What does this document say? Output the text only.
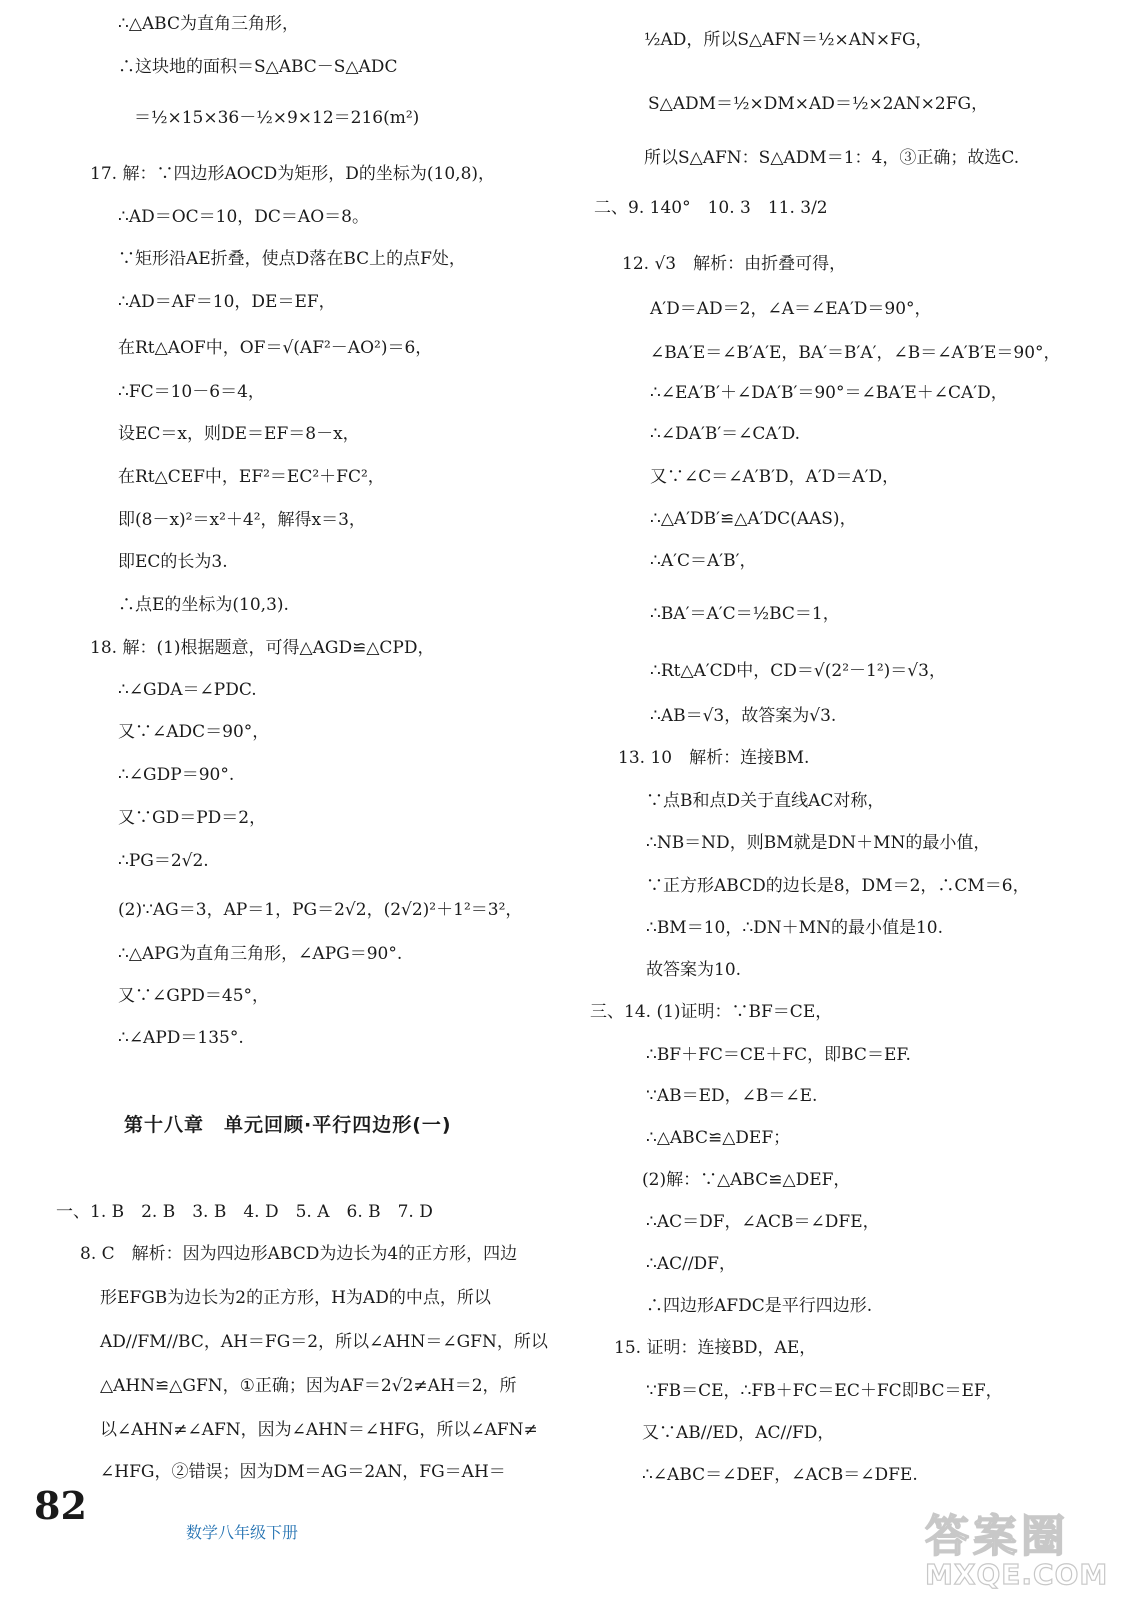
∴△ABC为直角三角形，
∴这块地的面积＝S△ABC－S△ADC
＝½×15×36－½×9×12＝216(m²)
17. 解：∵四边形AOCD为矩形，D的坐标为(10,8)，
∴AD＝OC＝10，DC＝AO＝8。
∵矩形沿AE折叠，使点D落在BC上的点F处，
∴AD＝AF＝10，DE＝EF，
在Rt△AOF中，OF＝√(AF²－AO²)＝6，
∴FC＝10－6＝4，
设EC＝x，则DE＝EF＝8－x，
在Rt△CEF中，EF²＝EC²＋FC²，
即(8－x)²＝x²＋4²，解得x＝3，
即EC的长为3.
∴点E的坐标为(10,3).
18. 解：(1)根据题意，可得△AGD≌△CPD，
∴∠GDA＝∠PDC.
又∵∠ADC＝90°，
∴∠GDP＝90°.
又∵GD＝PD＝2，
∴PG＝2√2.
(2)∵AG＝3，AP＝1，PG＝2√2，(2√2)²＋1²＝3²，
∴△APG为直角三角形，∠APG＝90°.
又∵∠GPD＝45°，
∴∠APD＝135°.
第十八章　单元回顾·平行四边形(一)
一、1. B　2. B　3. B　4. D　5. A　6. B　7. D
8. C　解析：因为四边形ABCD为边长为4的正方形，四边
形EFGB为边长为2的正方形，H为AD的中点，所以
AD//FM//BC，AH＝FG＝2，所以∠AHN＝∠GFN，所以
△AHN≌△GFN，①正确；因为AF＝2√2≠AH＝2，所
以∠AHN≠∠AFN，因为∠AHN＝∠HFG，所以∠AFN≠
∠HFG，②错误；因为DM＝AG＝2AN，FG＝AH＝
½AD，所以S△AFN＝½×AN×FG，
S△ADM＝½×DM×AD＝½×2AN×2FG，
所以S△AFN：S△ADM＝1：4，③正确；故选C.
二、9. 140°　10. 3　11. 3/2
12. √3　解析：由折叠可得，
A′D＝AD＝2，∠A＝∠EA′D＝90°，
∠BA′E＝∠B′A′E，BA′＝B′A′，∠B＝∠A′B′E＝90°，
∴∠EA′B′＋∠DA′B′＝90°＝∠BA′E＋∠CA′D，
∴∠DA′B′＝∠CA′D.
又∵∠C＝∠A′B′D，A′D＝A′D，
∴△A′DB′≌△A′DC(AAS)，
∴A′C＝A′B′，
∴BA′＝A′C＝½BC＝1，
∴Rt△A′CD中，CD＝√(2²－1²)＝√3，
∴AB＝√3，故答案为√3.
13. 10　解析：连接BM.
∵点B和点D关于直线AC对称，
∴NB＝ND，则BM就是DN＋MN的最小值，
∵正方形ABCD的边长是8，DM＝2，∴CM＝6，
∴BM＝10，∴DN＋MN的最小值是10.
故答案为10.
三、14. (1)证明：∵BF＝CE，
∴BF＋FC＝CE＋FC，即BC＝EF.
∵AB＝ED，∠B＝∠E.
∴△ABC≌△DEF；
(2)解：∵△ABC≌△DEF，
∴AC＝DF，∠ACB＝∠DFE，
∴AC//DF，
∴四边形AFDC是平行四边形.
15. 证明：连接BD，AE，
∵FB＝CE，∴FB＋FC＝EC＋FC即BC＝EF，
又∵AB//ED，AC//FD，
∴∠ABC＝∠DEF，∠ACB＝∠DFE.
82
数学八年级下册	答案圈
MXQE.COM
